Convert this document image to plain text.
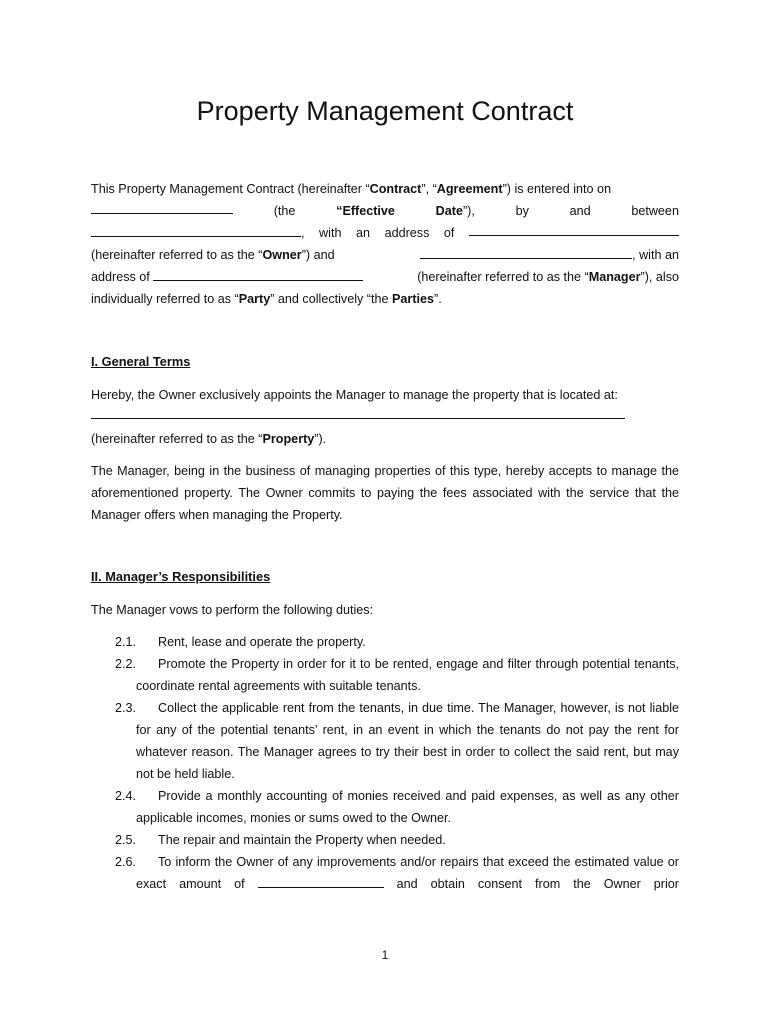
Property Management Contract
This Property Management Contract (hereinafter “Contract”, “Agreement”) is entered into on
(the	“Effective	Date”),	by	and	between
, with an address of
(hereinafter referred to as the “Owner”) and	, with an
address of	(hereinafter referred to as the “Manager”), also
individually referred to as “Party” and collectively “the Parties”.

I. General Terms

Hereby, the Owner exclusively appoints the Manager to manage the property that is located at:

(hereinafter referred to as the “Property”).

The Manager, being in the business of managing properties of this type, hereby accepts to manage the aforementioned property. The Owner commits to paying the fees associated with the service that the Manager offers when managing the Property.

II. Manager’s Responsibilities

The Manager vows to perform the following duties:

2.1. Rent, lease and operate the property.
2.2. Promote the Property in order for it to be rented, engage and filter through potential tenants, coordinate rental agreements with suitable tenants.
2.3. Collect the applicable rent from the tenants, in due time. The Manager, however, is not liable for any of the potential tenants’ rent, in an event in which the tenants do not pay the rent for whatever reason. The Manager agrees to try their best in order to collect the said rent, but may not be held liable.
2.4. Provide a monthly accounting of monies received and paid expenses, as well as any other applicable incomes, monies or sums owed to the Owner.
2.5. The repair and maintain the Property when needed.
2.6. To inform the Owner of any improvements and/or repairs that exceed the estimated value or exact amount of	and obtain consent from the Owner prior
1
